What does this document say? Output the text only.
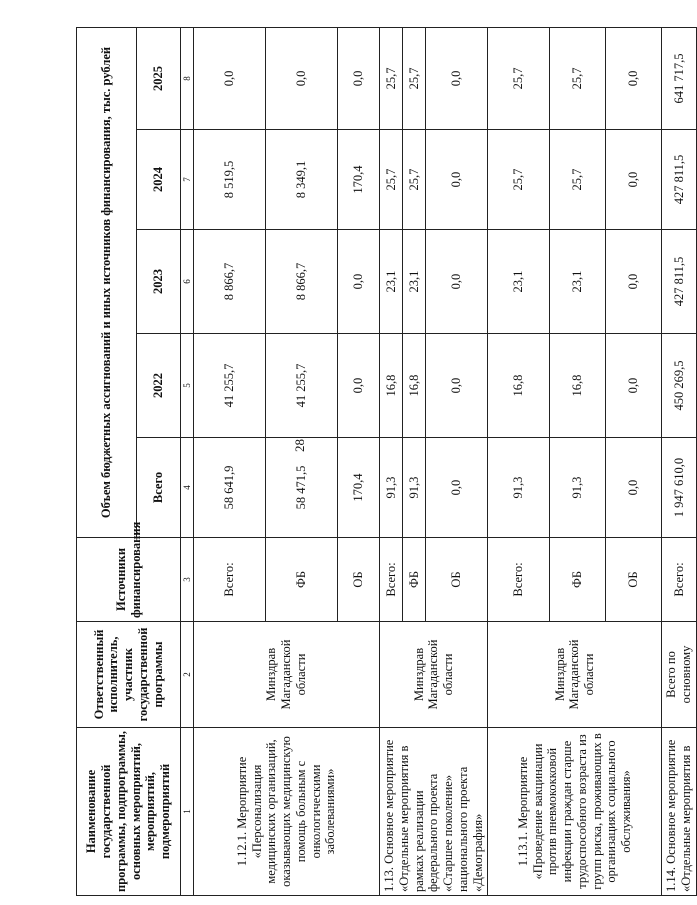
28
Наименование государственной программы, подпрограммы, основных мероприятий, мероприятий, подмероприятий	Ответственный исполнитель, участник государственной программы	Источники финансирования	Объем бюджетных ассигнований и иных источников финансирования, тыс. рублей				
			Всего	2022	2023	2024	2025
1	2	3	4	5	6	7	8
1.12.1. Мероприятие «Персонализация медицинских организаций, оказывающих медицинскую помощь больным с онкологическими заболеваниями»	Минздрав Магаданской области	Всего:	58 641,9	41 255,7	8 866,7	8 519,5	0,0
		ФБ	58 471,5	41 255,7	8 866,7	8 349,1	0,0
		ОБ	170,4	0,0	0,0	170,4	0,0
1.13. Основное мероприятие «Отдельные мероприятия в рамках реализации федерального проекта «Старшее поколение» национального проекта «Демография»	Минздрав Магаданской области	Всего:	91,3	16,8	23,1	25,7	25,7
		ФБ	91,3	16,8	23,1	25,7	25,7
		ОБ	0,0	0,0	0,0	0,0	0,0
1.13.1. Мероприятие «Проведение вакцинации против пневмококковой инфекции граждан старше трудоспособного возраста из групп риска, проживающих в организациях социального обслуживания»	Минздрав Магаданской области	Всего:	91,3	16,8	23,1	25,7	25,7
		ФБ	91,3	16,8	23,1	25,7	25,7
		ОБ	0,0	0,0	0,0	0,0	0,0
1.14. Основное мероприятие «Отдельные мероприятия в	Всего по основному	Всего:	1 947 610,0	450 269,5	427 811,5	427 811,5	641 717,5
